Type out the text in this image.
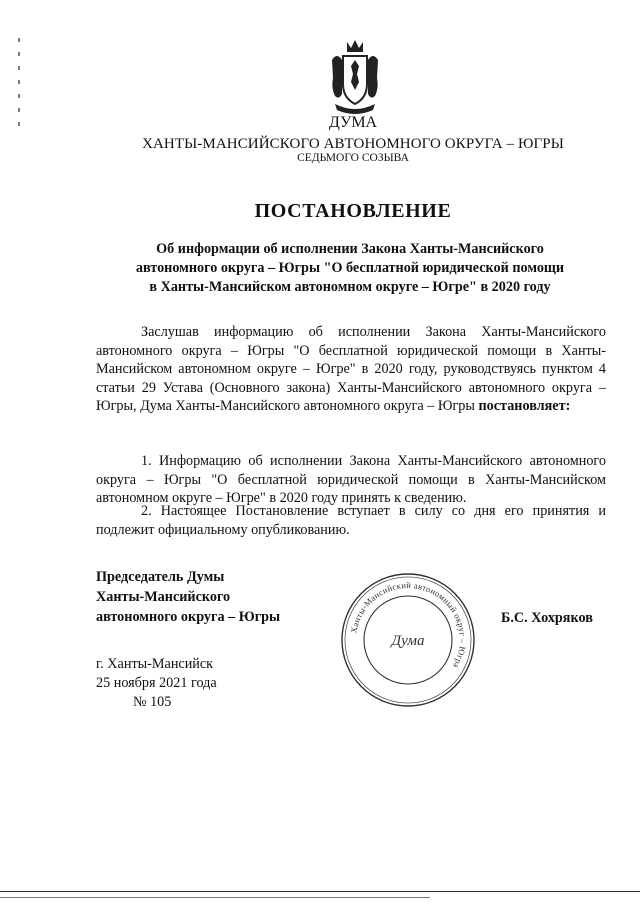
ДУМА
ХАНТЫ-МАНСИЙСКОГО АВТОНОМНОГО ОКРУГА – ЮГРЫ
СЕДЬМОГО СОЗЫВА
ПОСТАНОВЛЕНИЕ
Об информации об исполнении Закона Ханты-Мансийского
автономного округа – Югры "О бесплатной юридической помощи
в Ханты-Мансийском автономном округе – Югре" в 2020 году
Заслушав информацию об исполнении Закона Ханты-Мансийского автономного округа – Югры "О бесплатной юридической помощи в Ханты-Мансийском автономном округе – Югре" в 2020 году, руководствуясь пунктом 4 статьи 29 Устава (Основного закона) Ханты-Мансийского автономного округа – Югры, Дума Ханты-Мансийского автономного округа – Югры постановляет:
1. Информацию об исполнении Закона Ханты-Мансийского автономного округа – Югры "О бесплатной юридической помощи в Ханты-Мансийском автономном округе – Югре" в 2020 году принять к сведению.
2. Настоящее Постановление вступает в силу со дня его принятия и подлежит официальному опубликованию.
Председатель Думы
Ханты-Мансийского
автономного округа – Югры
Ханты-Мансийский автономный округ – Югра
Дума
Б.С. Хохряков
г. Ханты-Мансийск
25 ноября 2021 года
№ 105
